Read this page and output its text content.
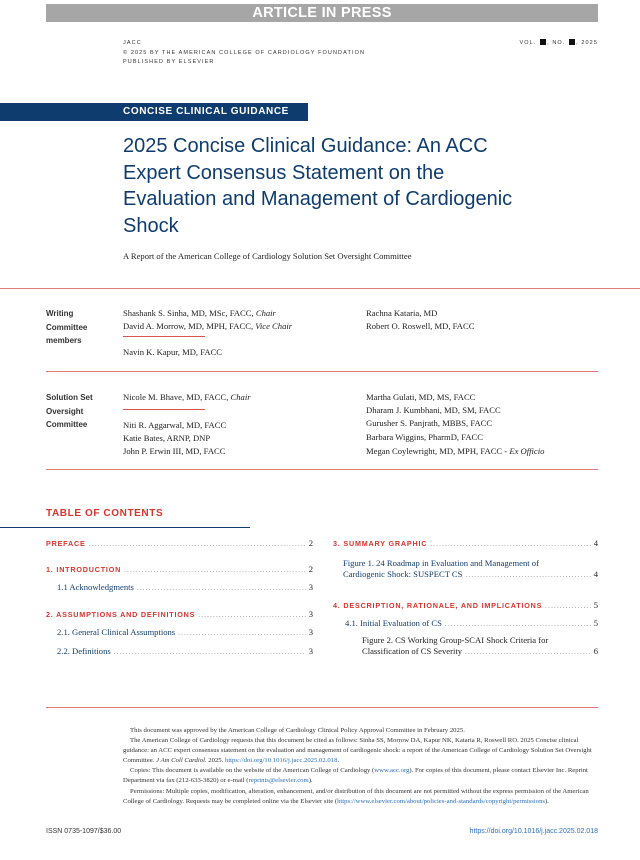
ARTICLE IN PRESS
JACC
© 2025 BY THE AMERICAN COLLEGE OF CARDIOLOGY FOUNDATION
PUBLISHED BY ELSEVIER
VOL. , NO. , 2025
CONCISE CLINICAL GUIDANCE
2025 Concise Clinical Guidance: An ACC Expert Consensus Statement on the Evaluation and Management of Cardiogenic Shock
A Report of the American College of Cardiology Solution Set Oversight Committee
Writing Committee members
Shashank S. Sinha, MD, MSc, FACC, Chair
David A. Morrow, MD, MPH, FACC, Vice Chair
Navin K. Kapur, MD, FACC
Rachna Kataria, MD
Robert O. Roswell, MD, FACC
Solution Set Oversight Committee
Nicole M. Bhave, MD, FACC, Chair
Niti R. Aggarwal, MD, FACC
Katie Bates, ARNP, DNP
John P. Erwin III, MD, FACC
Martha Gulati, MD, MS, FACC
Dharam J. Kumbhani, MD, SM, FACC
Gurusher S. Panjrath, MBBS, FACC
Barbara Wiggins, PharmD, FACC
Megan Coylewright, MD, MPH, FACC - Ex Officio
TABLE OF CONTENTS
PREFACE .....	2
1. INTRODUCTION .....	2
1.1 Acknowledgments .....	3
2. ASSUMPTIONS AND DEFINITIONS .....	3
2.1. General Clinical Assumptions .....	3
2.2. Definitions .....	3
3. SUMMARY GRAPHIC .....	4
Figure 1. 24 Roadmap in Evaluation and Management of
Cardiogenic Shock: SUSPECT CS .....	4
4. DESCRIPTION, RATIONALE, AND IMPLICATIONS .....	5
4.1. Initial Evaluation of CS .....	5
Figure 2. CS Working Group-SCAI Shock Criteria for
Classification of CS Severity .....	6

This document was approved by the American College of Cardiology Clinical Policy Approval Committee in February 2025.

The American College of Cardiology requests that this document be cited as follows: Sinha SS, Morrow DA, Kapur NK, Kataria R, Roswell RO. 2025 Concise clinical guidance: an ACC expert consensus statement on the evaluation and management of cardiogenic shock: a report of the American College of Cardiology Solution Set Oversight Committee. J Am Coll Cardiol. 2025. https://doi.org/10.1016/j.jacc.2025.02.018.

Copies: This document is available on the website of the American College of Cardiology (www.acc.org). For copies of this document, please contact Elsevier Inc. Reprint Department via fax (212-633-3820) or e-mail (reprints@elsevier.com).

Permissions: Multiple copies, modification, alteration, enhancement, and/or distribution of this document are not permitted without the express permission of the American College of Cardiology. Requests may be completed online via the Elsevier site (https://www.elsevier.com/about/policies-and-standards/copyright/permissions).

ISSN 0735-1097/$36.00	https://doi.org/10.1016/j.jacc.2025.02.018
